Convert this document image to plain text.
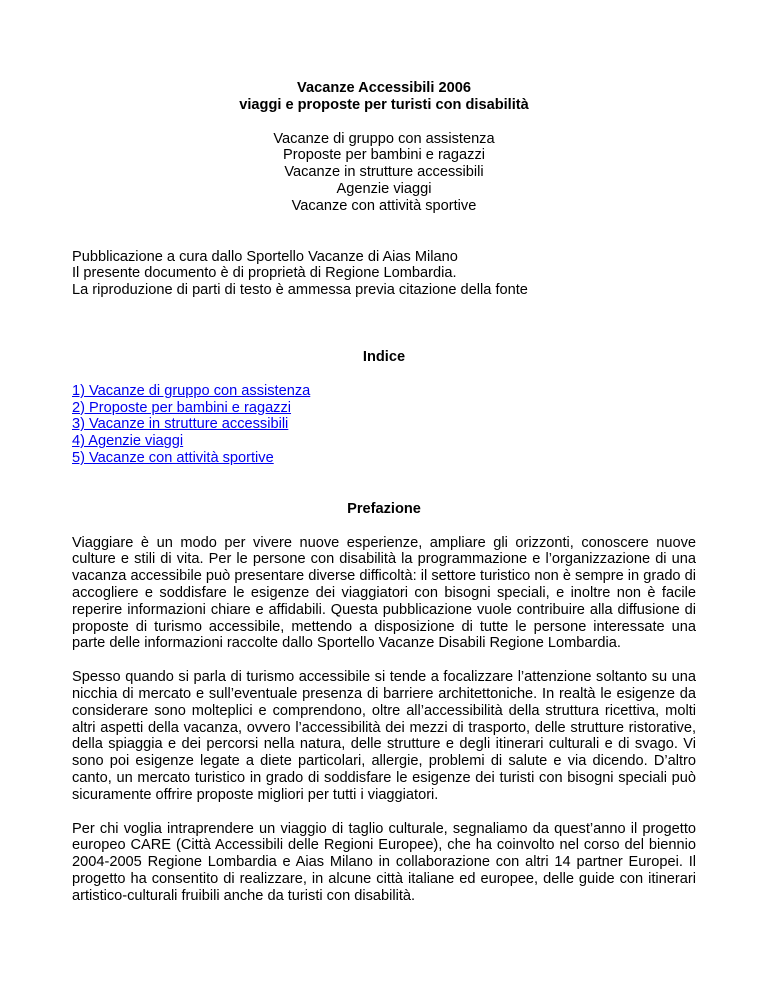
Vacanze Accessibili 2006
viaggi e proposte per turisti con disabilità
Vacanze di gruppo con assistenza
Proposte per bambini e ragazzi
Vacanze in strutture accessibili
Agenzie viaggi
Vacanze con attività sportive
Pubblicazione a cura dallo Sportello Vacanze di Aias Milano
Il presente documento è di proprietà di Regione Lombardia.
La riproduzione di parti di testo è ammessa previa citazione della fonte
Indice
1) Vacanze di gruppo con assistenza
2) Proposte per bambini e ragazzi
3) Vacanze in strutture accessibili
4) Agenzie viaggi
5) Vacanze con attività sportive
Prefazione

Viaggiare è un modo per vivere nuove esperienze, ampliare gli orizzonti, conoscere nuove culture e stili di vita. Per le persone con disabilità la programmazione e l’organizzazione di una vacanza accessibile può presentare diverse difficoltà: il settore turistico non è sempre in grado di accogliere e soddisfare le esigenze dei viaggiatori con bisogni speciali, e inoltre non è facile reperire informazioni chiare e affidabili. Questa pubblicazione vuole contribuire alla diffusione di proposte di turismo accessibile, mettendo a disposizione di tutte le persone interessate una parte delle informazioni raccolte dallo Sportello Vacanze Disabili Regione Lombardia.

Spesso quando si parla di turismo accessibile si tende a focalizzare l’attenzione soltanto su una nicchia di mercato e sull’eventuale presenza di barriere architettoniche. In realtà le esigenze da considerare sono molteplici e comprendono, oltre all’accessibilità della struttura ricettiva, molti altri aspetti della vacanza, ovvero l’accessibilità dei mezzi di trasporto, delle strutture ristorative, della spiaggia e dei percorsi nella natura, delle strutture e degli itinerari culturali e di svago. Vi sono poi esigenze legate a diete particolari, allergie, problemi di salute e via dicendo. D’altro canto, un mercato turistico in grado di soddisfare le esigenze dei turisti con bisogni speciali può sicuramente offrire proposte migliori per tutti i viaggiatori.

Per chi voglia intraprendere un viaggio di taglio culturale, segnaliamo da quest’anno il progetto europeo CARE (Città Accessibili delle Regioni Europee), che ha coinvolto nel corso del biennio 2004-2005 Regione Lombardia e Aias Milano in collaborazione con altri 14 partner Europei. Il progetto ha consentito di realizzare, in alcune città italiane ed europee, delle guide con itinerari artistico-culturali fruibili anche da turisti con disabilità.
